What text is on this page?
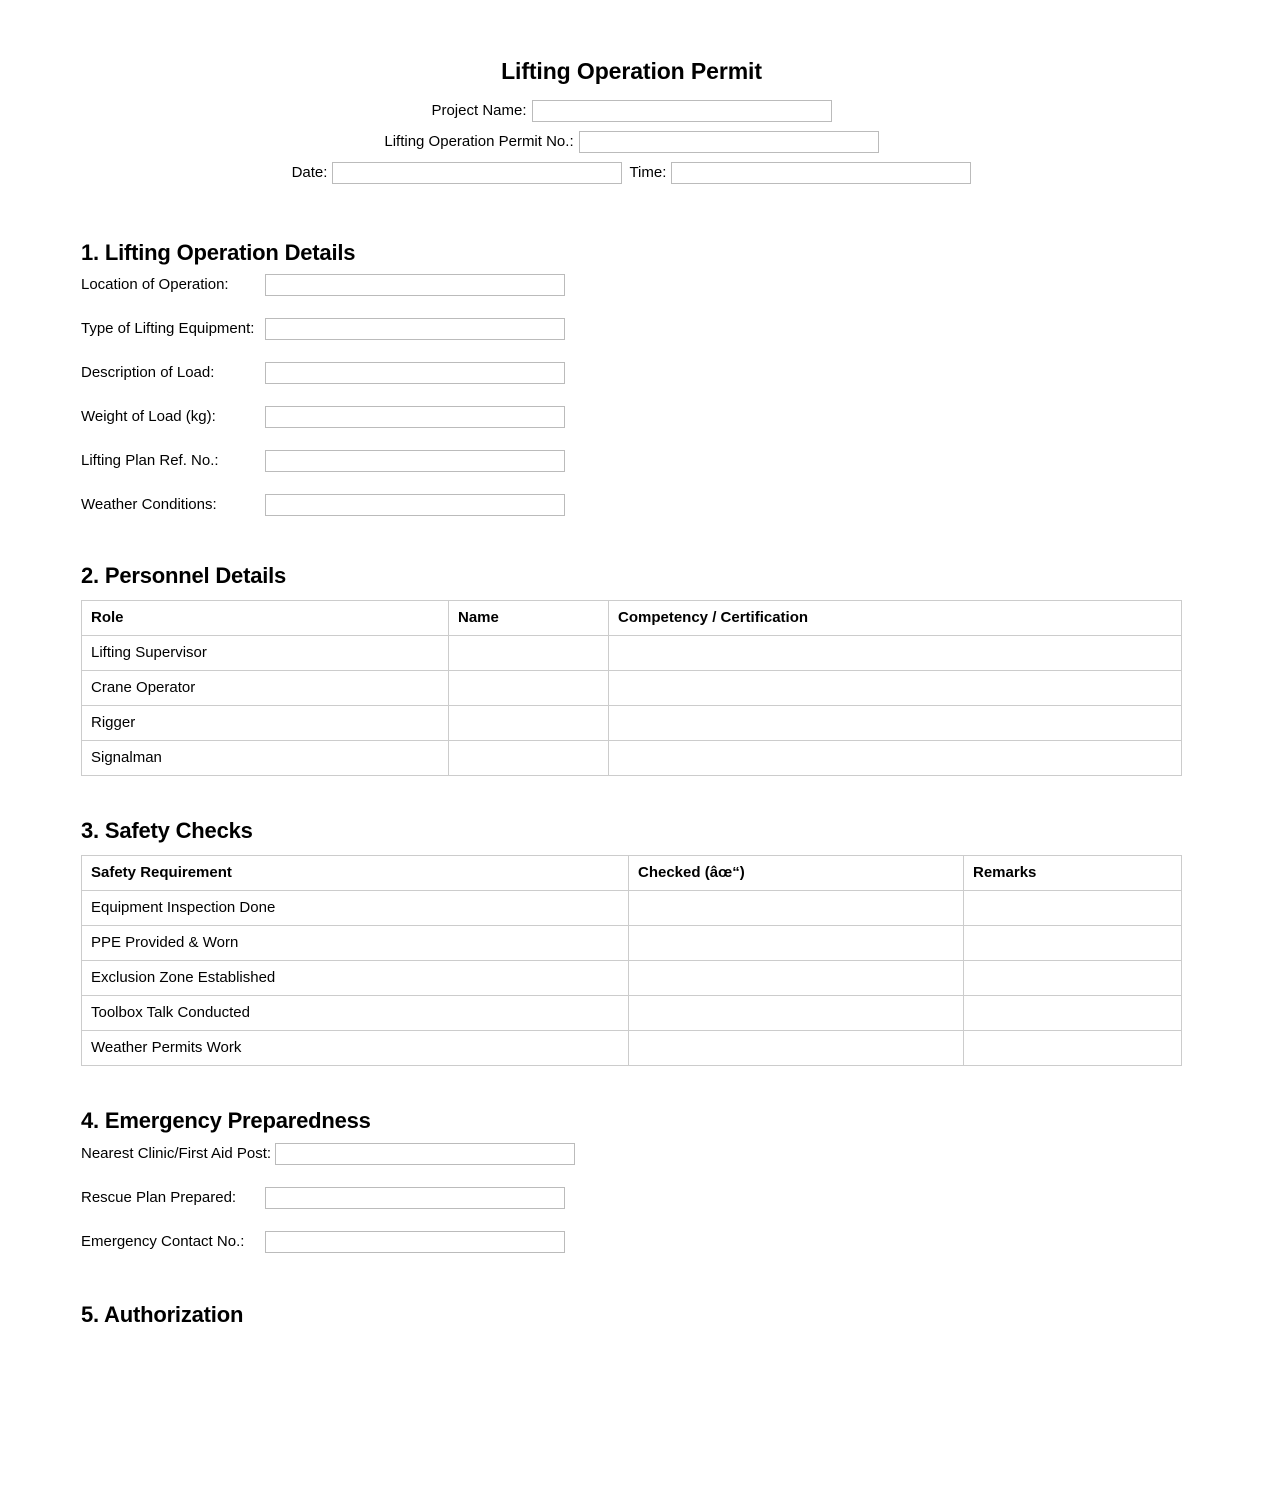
Lifting Operation Permit
Project Name:
Lifting Operation Permit No.:
Date:	Time:
1. Lifting Operation Details
Location of Operation:
Type of Lifting Equipment:
Description of Load:
Weight of Load (kg):
Lifting Plan Ref. No.:
Weather Conditions:
2. Personnel Details
Role	Name	Competency / Certification
Lifting Supervisor		
Crane Operator		
Rigger		
Signalman		
3. Safety Checks
Safety Requirement	Checked (âœ“)	Remarks
Equipment Inspection Done		
PPE Provided & Worn		
Exclusion Zone Established		
Toolbox Talk Conducted		
Weather Permits Work		
4. Emergency Preparedness
Nearest Clinic/First Aid Post:
Rescue Plan Prepared:
Emergency Contact No.:
5. Authorization
